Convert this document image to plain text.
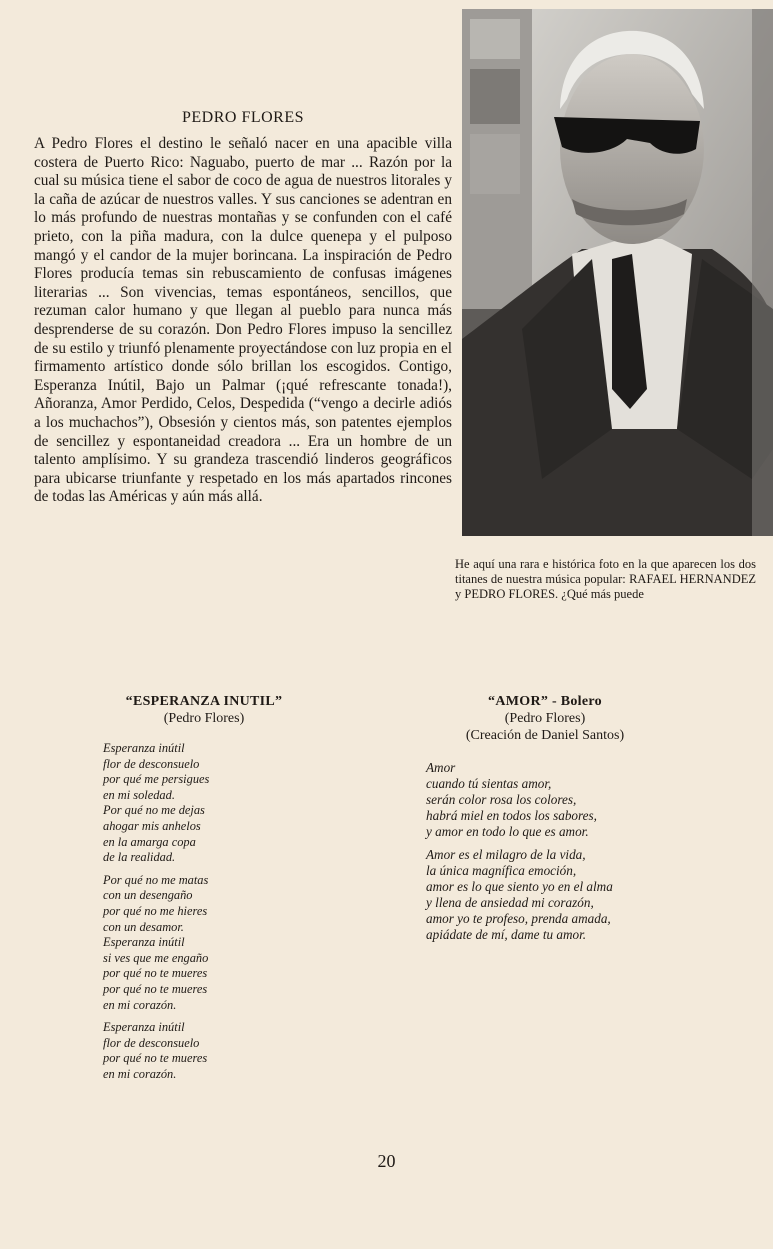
PEDRO FLORES
A Pedro Flores el destino le señaló nacer en una apacible villa costera de Puerto Rico: Naguabo, puerto de mar ... Razón por la cual su música tiene el sabor de coco de agua de nuestros litorales y la caña de azúcar de nuestros valles. Y sus canciones se adentran en lo más profundo de nuestras montañas y se confunden con el café prieto, con la piña madura, con la dulce quenepa y el pulposo mangó y el candor de la mujer borincana. La inspiración de Pedro Flores producía temas sin rebuscamiento de confusas imágenes literarias ... Son vivencias, temas espontáneos, sencillos, que rezuman calor humano y que llegan al pueblo para nunca más desprenderse de su corazón. Don Pedro Flores impuso la sencillez de su estilo y triunfó plenamente proyectándose con luz propia en el firmamento artístico donde sólo brillan los escogidos. Contigo, Esperanza Inútil, Bajo un Palmar (¡qué refrescante tonada!), Añoranza, Amor Perdido, Celos, Despedida (“vengo a decirle adiós a los muchachos”), Obsesión y cientos más, son patentes ejemplos de sencillez y espontaneidad creadora ... Era un hombre de un talento amplísimo. Y su grandeza trascendió linderos geográficos para ubicarse triunfante y respetado en los más apartados rincones de todas las Américas y aún más allá.
He aquí una rara e histórica foto en la que aparecen los dos titanes de nuestra música popular: RAFAEL HERNANDEZ y PEDRO FLORES. ¿Qué más puede
“ESPERANZA INUTIL”
(Pedro Flores)
Esperanza inútil
flor de desconsuelo
por qué me persigues
en mi soledad.
Por qué no me dejas
ahogar mis anhelos
en la amarga copa
de la realidad.
Por qué no me matas
con un desengaño
por qué no me hieres
con un desamor.
Esperanza inútil
si ves que me engaño
por qué no te mueres
por qué no te mueres
en mi corazón.
Esperanza inútil
flor de desconsuelo
por qué no te mueres
en mi corazón.
“AMOR” - Bolero
(Pedro Flores)
(Creación de Daniel Santos)
Amor
cuando tú sientas amor,
serán color rosa los colores,
habrá miel en todos los sabores,
y amor en todo lo que es amor.
Amor es el milagro de la vida,
la única magnífica emoción,
amor es lo que siento yo en el alma
y llena de ansiedad mi corazón,
amor yo te profeso, prenda amada,
apiádate de mí, dame tu amor.
20
